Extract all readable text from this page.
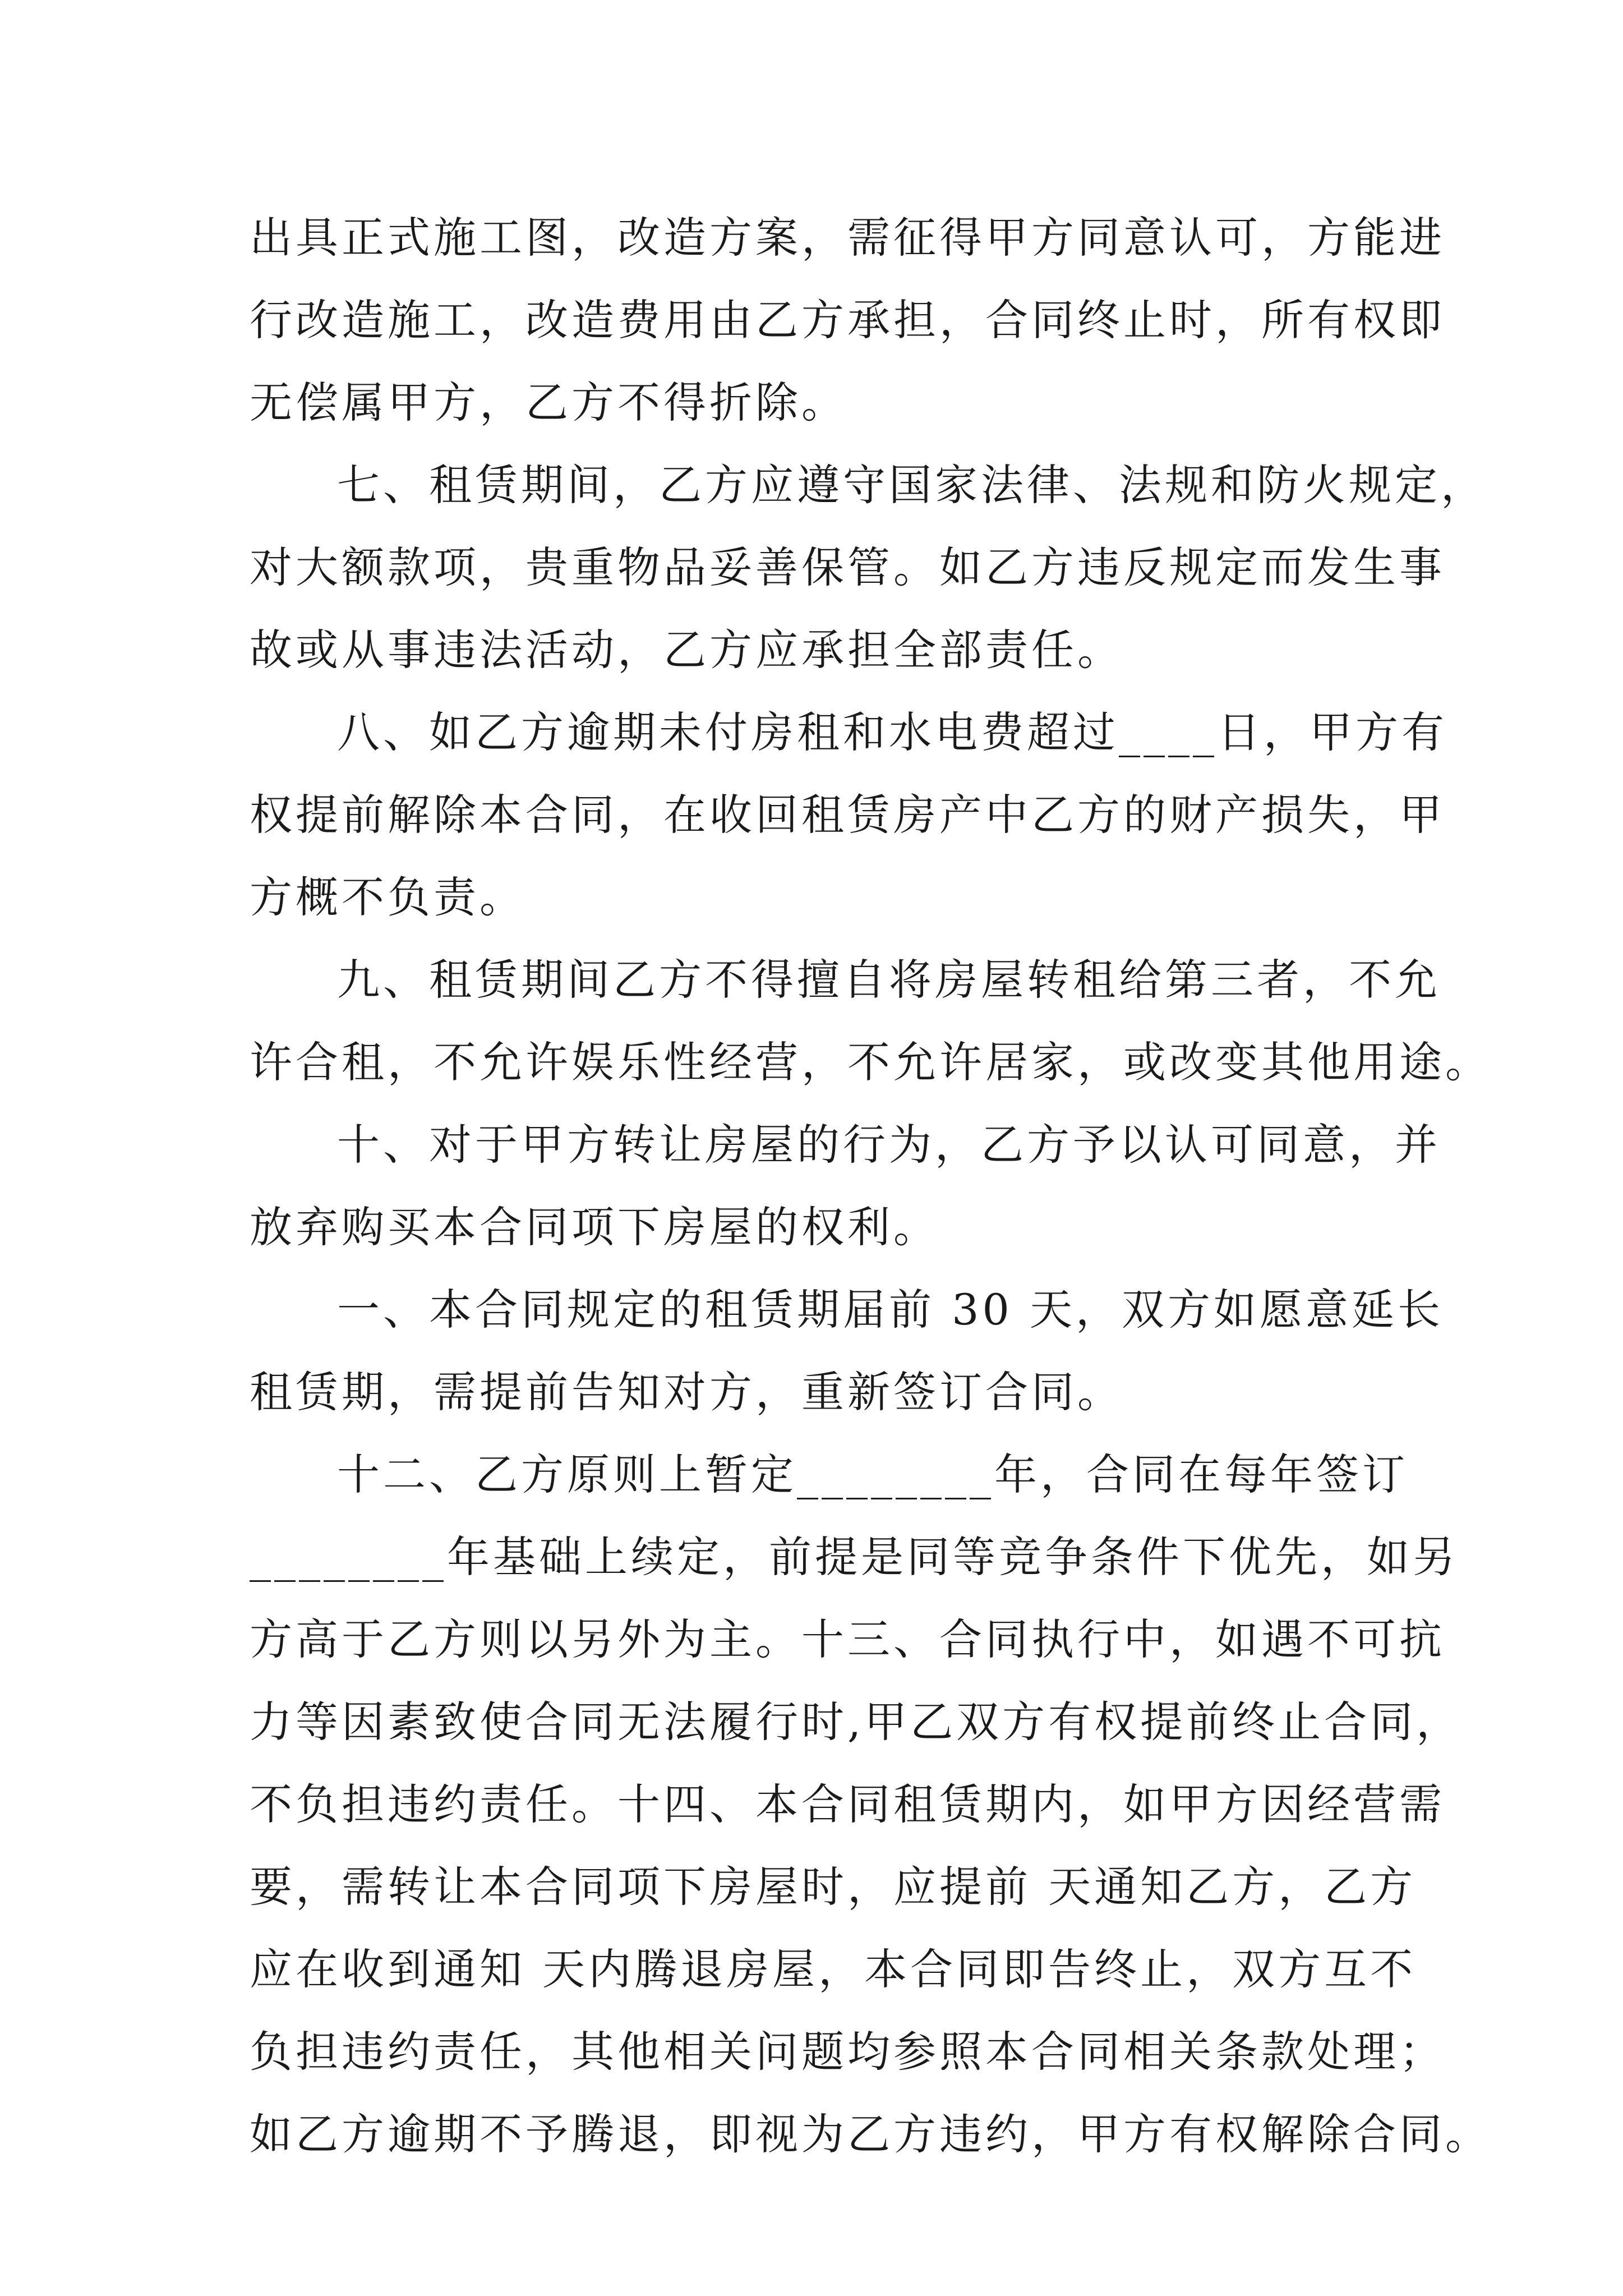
出具正式施工图，改造方案，需征得甲方同意认可，方能进
行改造施工，改造费用由乙方承担，合同终止时，所有权即
无偿属甲方，乙方不得折除。
七、租赁期间，乙方应遵守国家法律、法规和防火规定，
对大额款项，贵重物品妥善保管。如乙方违反规定而发生事
故或从事违法活动，乙方应承担全部责任。
八、如乙方逾期未付房租和水电费超过____日，甲方有
权提前解除本合同，在收回租赁房产中乙方的财产损失，甲
方概不负责。
九、租赁期间乙方不得擅自将房屋转租给第三者，不允
许合租，不允许娱乐性经营，不允许居家，或改变其他用途。
十、对于甲方转让房屋的行为，乙方予以认可同意，并
放弃购买本合同项下房屋的权利。
一、本合同规定的租赁期届前 30 天，双方如愿意延长
租赁期，需提前告知对方，重新签订合同。
十二、乙方原则上暂定________年，合同在每年签订
________年基础上续定，前提是同等竞争条件下优先，如另
方高于乙方则以另外为主。十三、合同执行中，如遇不可抗
力等因素致使合同无法履行时,甲乙双方有权提前终止合同，
不负担违约责任。十四、本合同租赁期内，如甲方因经营需
要，需转让本合同项下房屋时，应提前 天通知乙方，乙方
应在收到通知 天内腾退房屋，本合同即告终止，双方互不
负担违约责任，其他相关问题均参照本合同相关条款处理；
如乙方逾期不予腾退，即视为乙方违约，甲方有权解除合同。
